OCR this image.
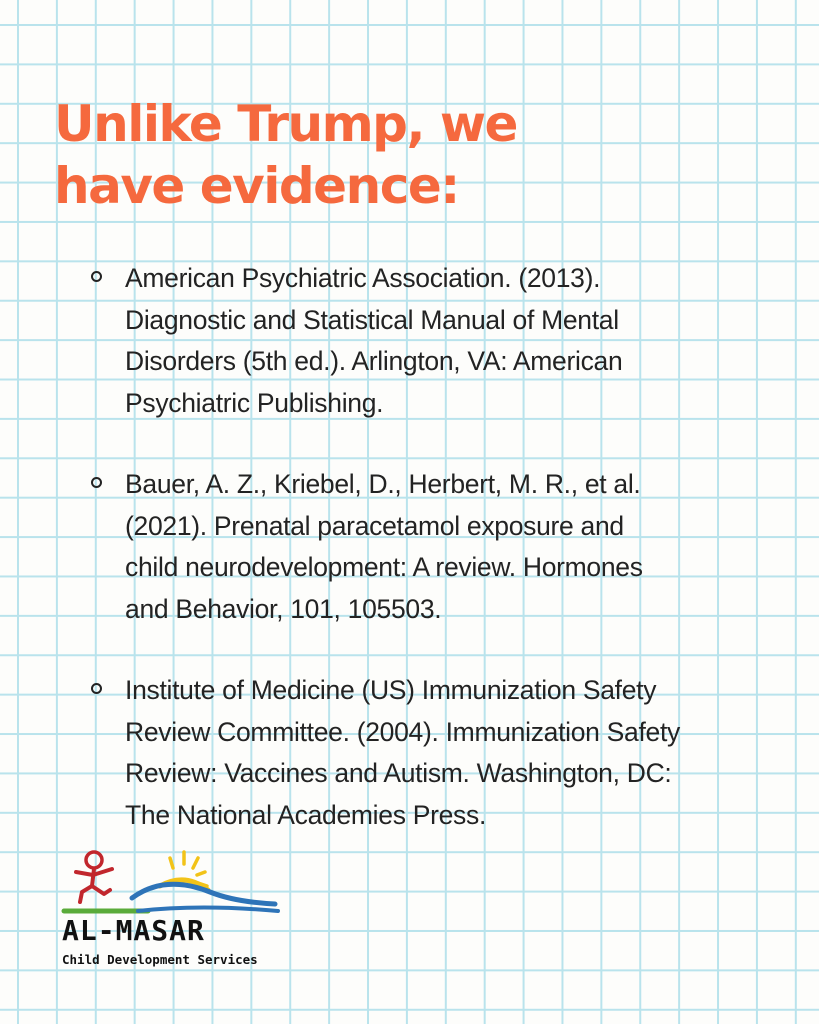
Unlike Trump, we
have evidence:
American Psychiatric Association. (2013).
Diagnostic and Statistical Manual of Mental
Disorders (5th ed.). Arlington, VA: American
Psychiatric Publishing.
Bauer, A. Z., Kriebel, D., Herbert, M. R., et al.
(2021). Prenatal paracetamol exposure and
child neurodevelopment: A review. Hormones
and Behavior, 101, 105503.
Institute of Medicine (US) Immunization Safety
Review Committee. (2004). Immunization Safety
Review: Vaccines and Autism. Washington, DC:
The National Academies Press.

AL-MASAR

Child Development Services
